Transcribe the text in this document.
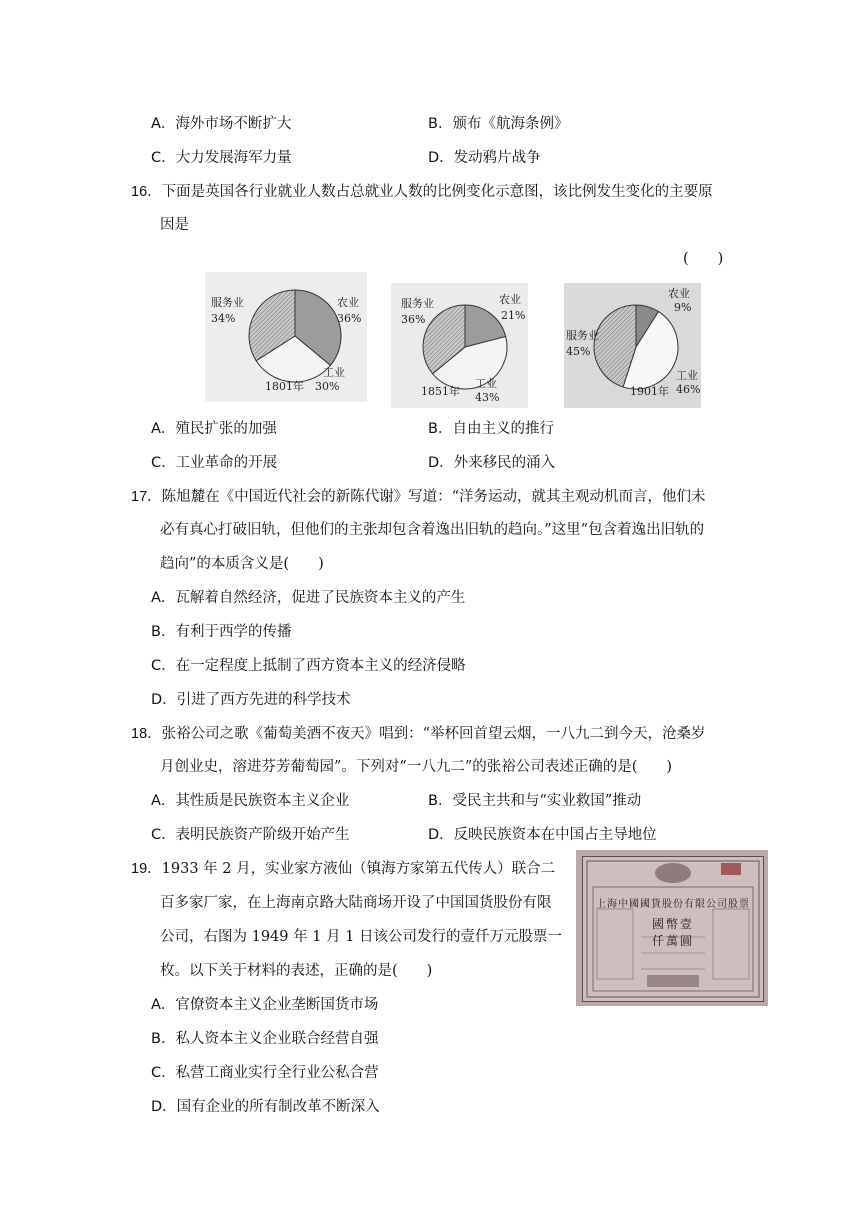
A．海外市场不断扩大	B．颁布《航海条例》
C．大力发展海军力量	D．发动鸦片战争
16．下面是英国各行业就业人数占总就业人数的比例变化示意图，该比例发生变化的主要原
因是
(　　)
服务业
34%
农业
36%
工业
30%
1801年
服务业
36%
农业
21%
工业
43%
1851年
服务业
45%
农业
9%
工业
46%
1901年
A．殖民扩张的加强	B．自由主义的推行
C．工业革命的开展	D．外来移民的涌入
17．陈旭麓在《中国近代社会的新陈代谢》写道：“洋务运动，就其主观动机而言，他们未
必有真心打破旧轨，但他们的主张却包含着逸出旧轨的趋向。”这里“包含着逸出旧轨的
趋向”的本质含义是(　　)
A．瓦解着自然经济，促进了民族资本主义的产生
B．有利于西学的传播
C．在一定程度上抵制了西方资本主义的经济侵略
D．引进了西方先进的科学技术
18．张裕公司之歌《葡萄美酒不夜天》唱到：“举杯回首望云烟，一八九二到今天，沧桑岁
月创业史，溶进芬芳葡萄园”。下列对“一八九二”的张裕公司表述正确的是(　　)
A．其性质是民族资本主义企业	B．受民主共和与“实业救国”推动
C．表明民族资产阶级开始产生	D．反映民族资本在中国占主导地位
19．1933 年 2 月，实业家方液仙（镇海方家第五代传人）联合二
百多家厂家，在上海南京路大陆商场开设了中国国货股份有限
公司，右图为 1949 年 1 月 1 日该公司发行的壹仟万元股票一
枚。以下关于材料的表述，正确的是(　　)
A．官僚资本主义企业垄断国货市场
B．私人资本主义企业联合经营自强
C．私营工商业实行全行业公私合营
D．国有企业的所有制改革不断深入
上海中國國貨股份有限公司股票
國幣壹仟萬圓
